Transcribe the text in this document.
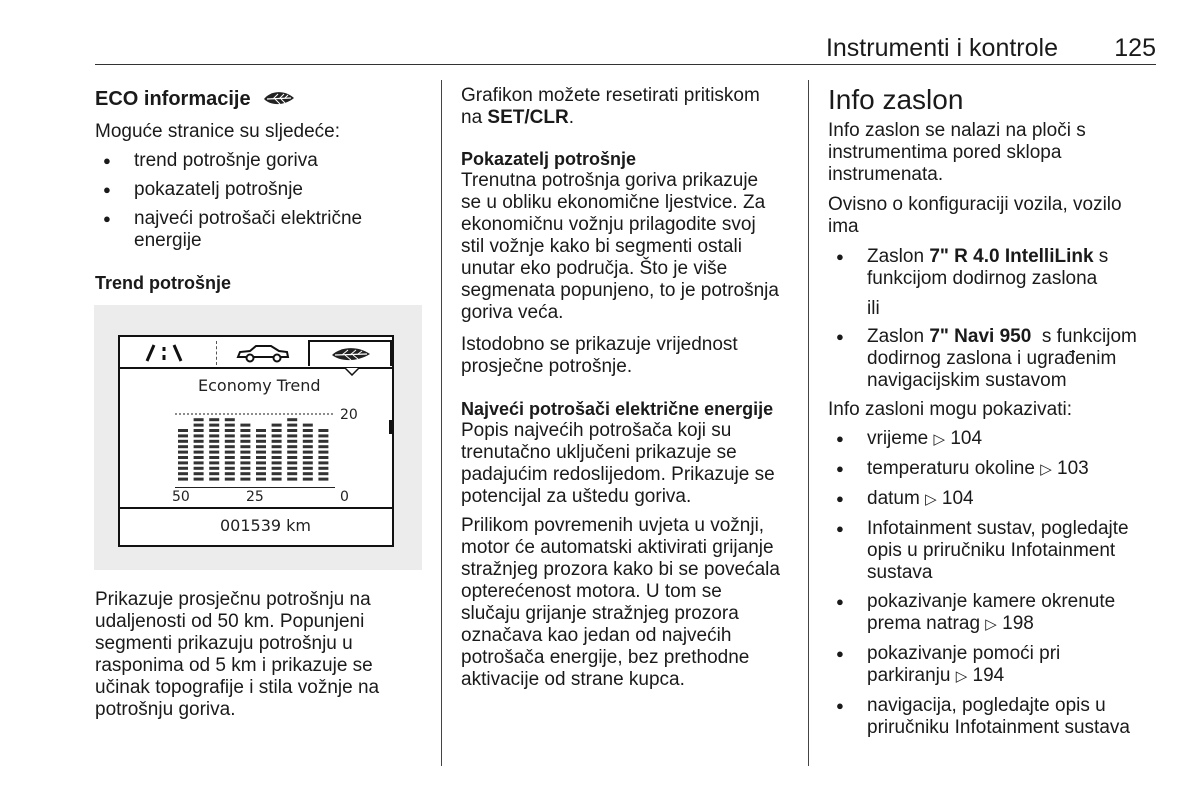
Instrumenti i kontrole 125
ECO informacije

Moguće stranice su sljedeće:

● trend potrošnje goriva
● pokazatelj potrošnje
● najveći potrošači električne energije
Trend potrošnje

Prikazuje prosječnu potrošnju na

udaljenosti od 50 km. Popunjeni

segmenti prikazuju potrošnju u

rasponima od 5 km i prikazuje se

učinak topografije i stila vožnje na

potrošnju goriva.

Economy Trend
20
50	25	0
001539 km

Grafikon možete resetirati pritiskom

na SET/CLR.

Pokazatelj potrošnje

Trenutna potrošnja goriva prikazuje

se u obliku ekonomične ljestvice. Za

ekonomičnu vožnju prilagodite svoj

stil vožnje kako bi segmenti ostali

unutar eko područja. Što je više

segmenata popunjeno, to je potrošnja

goriva veća.

Istodobno se prikazuje vrijednost

prosječne potrošnje.

Najveći potrošači električne energije

Popis najvećih potrošača koji su

trenutačno uključeni prikazuje se

padajućim redoslijedom. Prikazuje se

potencijal za uštedu goriva.

Prilikom povremenih uvjeta u vožnji,

motor će automatski aktivirati grijanje

stražnjeg prozora kako bi se povećala

opterećenost motora. U tom se

slučaju grijanje stražnjeg prozora

označava kao jedan od najvećih

potrošača energije, bez prethodne

aktivacije od strane kupca.

Info zaslon

Info zaslon se nalazi na ploči s

instrumentima pored sklopa

instrumenata.

Ovisno o konfiguraciji vozila, vozilo

ima

● Zaslon 7" R 4.0 IntelliLink s
funkcijom dodirnog zaslona

ili

● Zaslon 7" Navi 950  s funkcijom
dodirnog zaslona i ugrađenim
navigacijskim sustavom

Info zasloni mogu pokazivati:

● vrijeme ▷ 104
● temperaturu okoline ▷ 103
● datum ▷ 104
● Infotainment sustav, pogledajte
opis u priručniku Infotainment
sustava
● pokazivanje kamere okrenute
prema natrag ▷ 198
● pokazivanje pomoći pri
parkiranju ▷ 194
● navigacija, pogledajte opis u
priručniku Infotainment sustava
